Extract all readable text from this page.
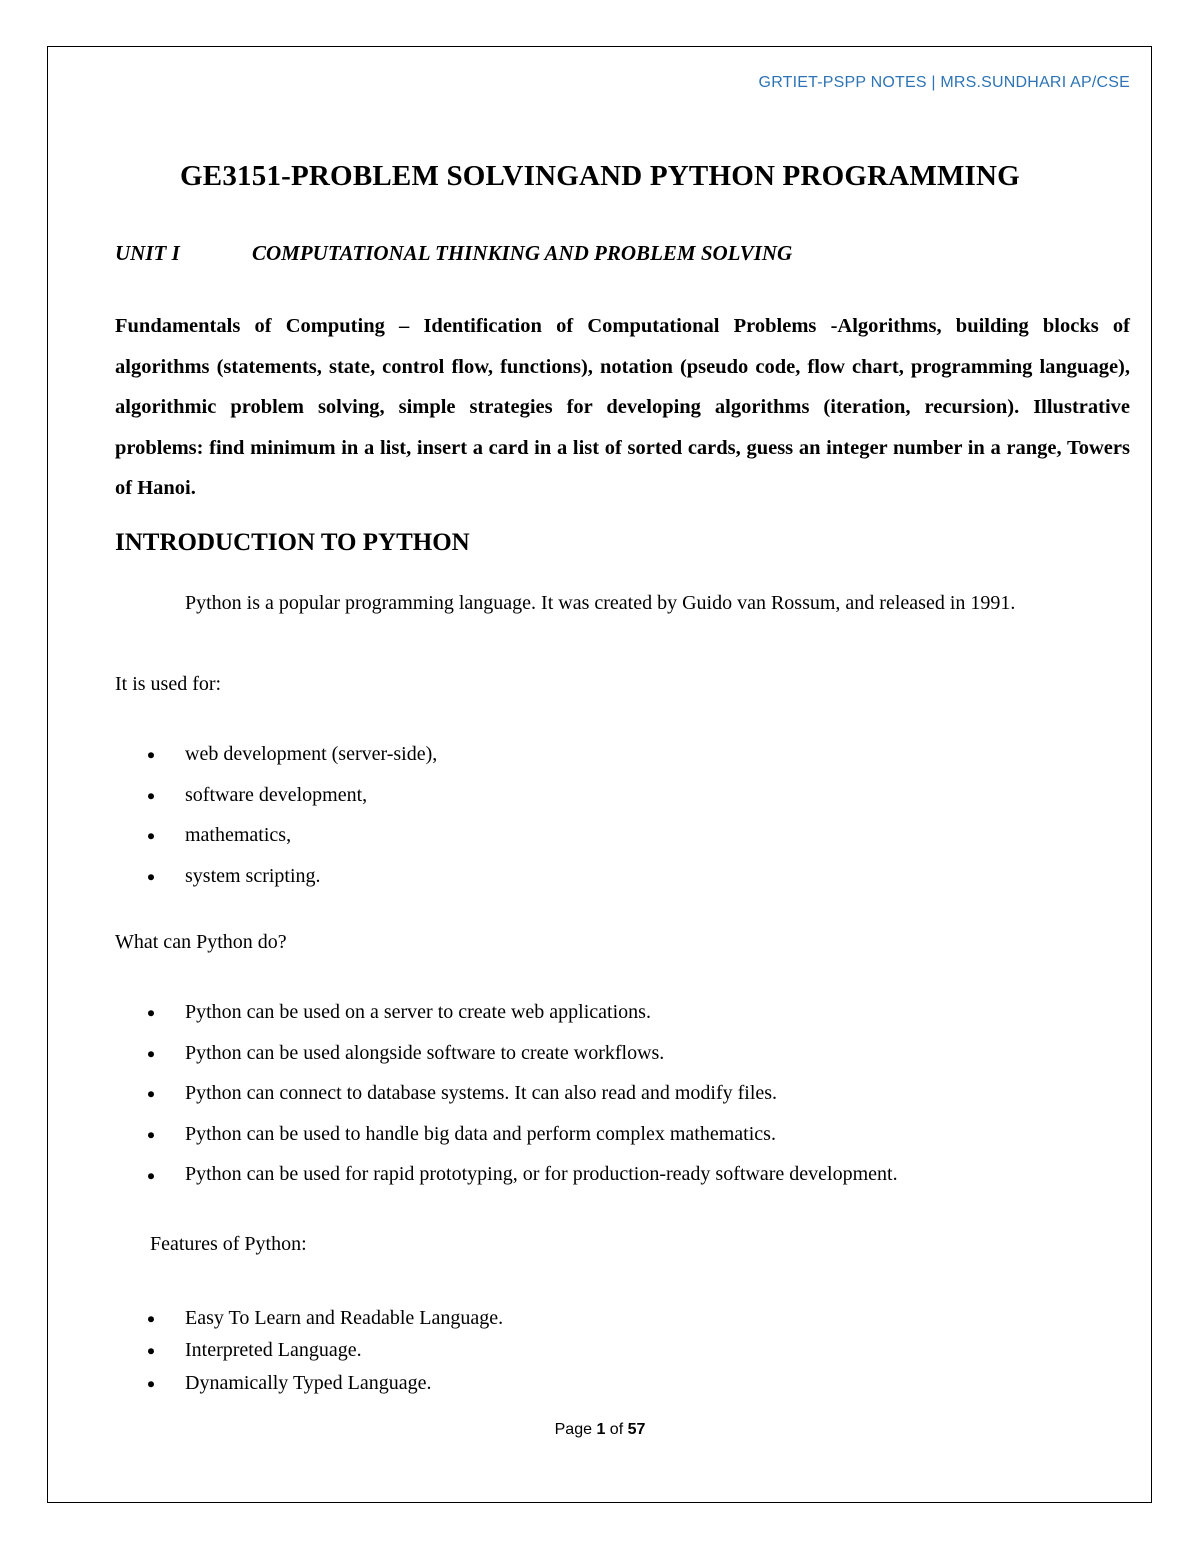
GRTIET-PSPP NOTES | MRS.SUNDHARI AP/CSE
GE3151-PROBLEM SOLVINGAND PYTHON PROGRAMMING
UNIT I	COMPUTATIONAL THINKING AND PROBLEM SOLVING
Fundamentals of Computing – Identification of Computational Problems -Algorithms, building blocks of algorithms (statements, state, control flow, functions), notation (pseudo code, flow chart, programming language), algorithmic problem solving, simple strategies for developing algorithms (iteration, recursion). Illustrative problems: find minimum in a list, insert a card in a list of sorted cards, guess an integer number in a range, Towers of Hanoi.
INTRODUCTION TO PYTHON
Python is a popular programming language. It was created by Guido van Rossum, and released in 1991.
It is used for:
web development (server-side),
software development,
mathematics,
system scripting.
What can Python do?
Python can be used on a server to create web applications.
Python can be used alongside software to create workflows.
Python can connect to database systems. It can also read and modify files.
Python can be used to handle big data and perform complex mathematics.
Python can be used for rapid prototyping, or for production-ready software development.
Features of Python:
Easy To Learn and Readable Language.
Interpreted Language.
Dynamically Typed Language.
Page 1 of 57
